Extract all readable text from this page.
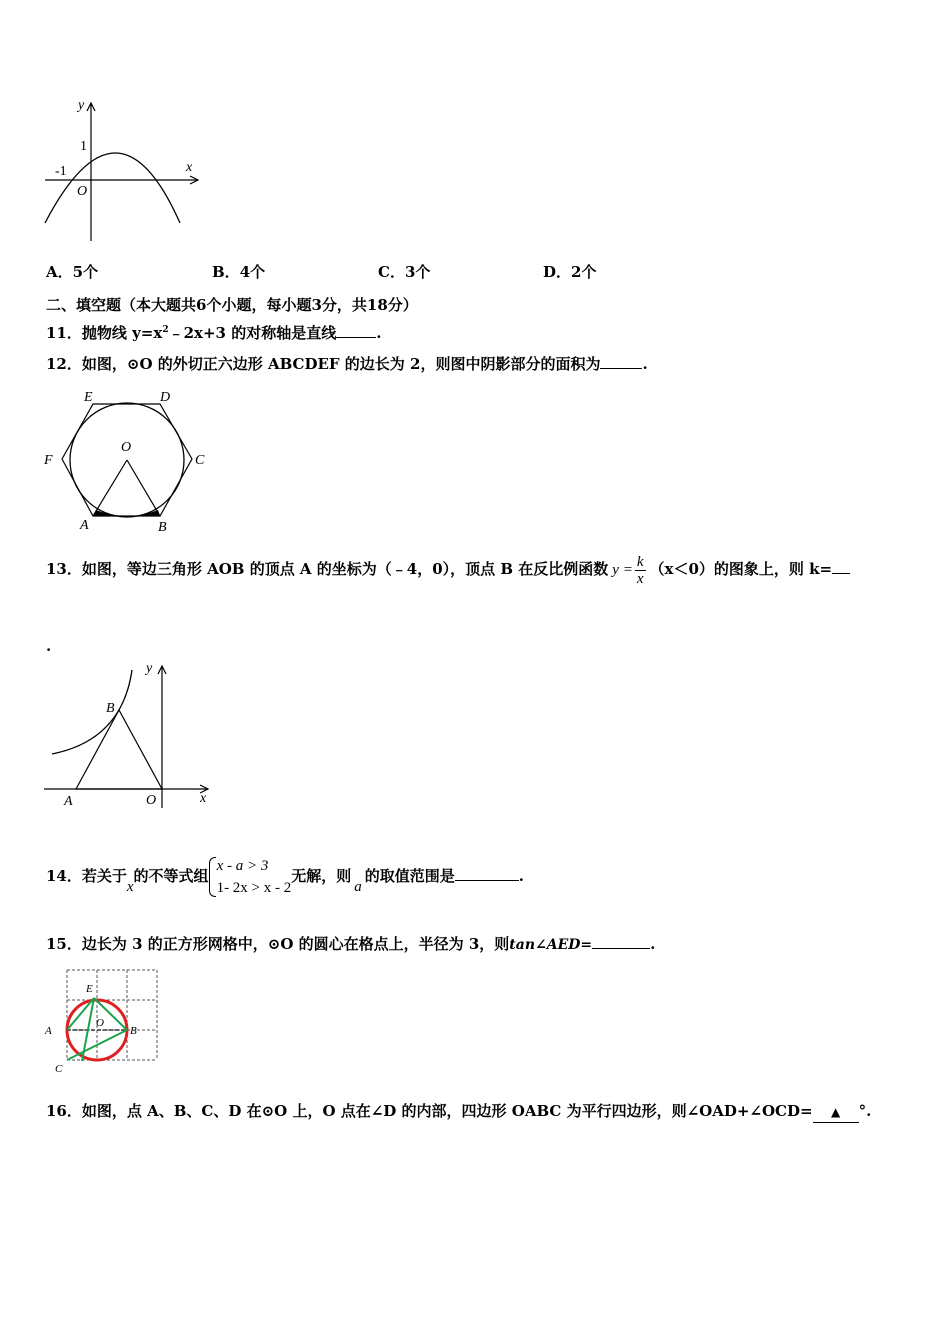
y
x
1
-1
O
A．5个	B．4个	C．3个	D．2个
二、填空题（本大题共6个小题，每小题3分，共18分）
11．抛物线 $y=x^2﹣2x+3$ 的对称轴是直线	.
12．如图，⊙O 的外切正六边形 ABCDEF 的边长为 2，则图中阴影部分的面积为	.
E	D
F	C
O
A	B
13．如图，等边三角形 AOB 的顶点 A 的坐标为（﹣4，0），顶点 B 在反比例函数 $y = \frac{k}{x} (x<0)$的图象上，则 k=
.
y
x
A
B
O
14．若关于x的不等式组
x - a > 3
1- 2x > x - 2
无解，则a的取值范围是	.
15．边长为 3 的正方形网格中，⊙O 的圆心在格点上，半径为 3，则tan∠AED=	.
E
O
A	B
C
16．如图，点 A、B、C、D 在⊙O 上，O 点在∠D 的内部，四边形 OABC 为平行四边形，则∠OAD+∠OCD= ▲ °.
